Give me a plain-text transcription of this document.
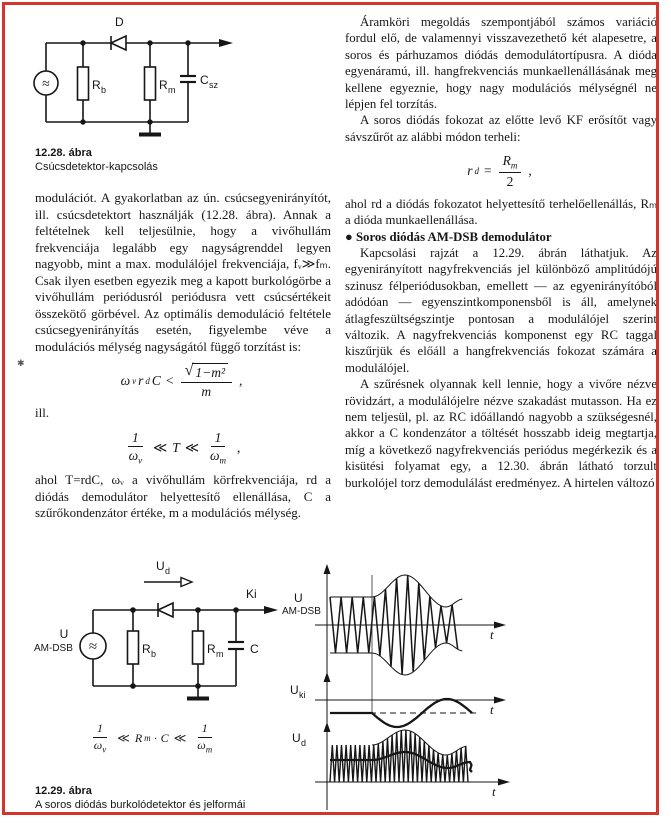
≈
D
R b	R m
C sz
12.28. ábra
Csúcsdetektor-kapcsolás

modulációt. A gyakorlatban az ún. csúcsegyenirányítót, ill. csúcsdetektort használják (12.28. ábra). Annak a feltételnek kell teljesülnie, hogy a vivőhullám frekvenciája legalább egy nagyságrenddel legyen nagyobb, mint a max. modulálójel frekvenciája, fᵥ≫fₘ. Csak ilyen esetben egyezik meg a kapott burkológörbe a vivőhullám periódusról periódusra vett csúcsértékeit összekötő görbével. Az optimális demoduláció feltétele csúcsegyenirányítás esetén, figyelembe véve a modulációs mélység nagyságától függő torzítást is:

ω v r d $C < \frac{\text{√ 1−m²}}{m}$ ,

ill.

$\frac{1}{\omega_v}$ ≪ T ≪ $\frac{1}{\omega_m}$ ,

ahol T=rdC, ωᵥ a vivőhullám körfrekvenciája, rd a diódás demodulátor helyettesítő ellenállása, C a szűrőkondenzátor értéke, m a modulációs mélység.

✱

Áramköri megoldás szempontjából számos variáció fordul elő, de valamennyi visszavezethető két alapesetre, a soros és párhuzamos diódás demodulátortípusra. A dióda egyenáramú, ill. hangfrekvenciás munkaellenállásának meg kellene egyeznie, hogy nagy modulációs mélységnél ne lépjen fel torzítás.

A soros diódás fokozat az előtte levő KF erősítőt vagy sávszűrőt az alábbi módon terheli:

r $d = \frac{R_m}{2}$ ,

ahol rd a diódás fokozatot helyettesítő terhelőellenállás, Rₘ a dióda munkaellenállása.

● Soros diódás AM-DSB demodulátor

Kapcsolási rajzát a 12.29. ábrán láthatjuk. Az egyenirányított nagyfrekvenciás jel különböző amplitúdójú szinusz félperiódusokban, emellett — az egyenirányítóból adódóan — egyenszintkomponensből is áll, amelynek átlagfeszültségszintje pontosan a modulálójel szerint változik. A nagyfrekvenciás komponenst egy RC taggal kiszűrjük és előáll a hangfrekvenciás fokozat számára a modulálójel.

A szűrésnek olyannak kell lennie, hogy a vivőre nézve rövidzárt, a modulálójelre nézve szakadást mutasson. Ha ez nem teljesül, pl. az RC időállandó nagyobb a szükségesnél, akkor a C kondenzátor a töltését hosszabb ideig megtartja, míg a következő nagyfrekvenciás periódus megérkezik és a kisütési folyamat egy, a 12.30. ábrán látható torzult burkolójel torz demodulálást eredményez. A hirtelen változó

U d
Ki
≈
U
AM-DSB	R b	R m C
$\frac{1}{\omega_v}$ ≪ R m · C ≪ $\frac{1}{\omega_m}$
U
AM-DSB
t
U ki
t
U d
t
12.29. ábra
A soros diódás burkolódetektor és jelformái
